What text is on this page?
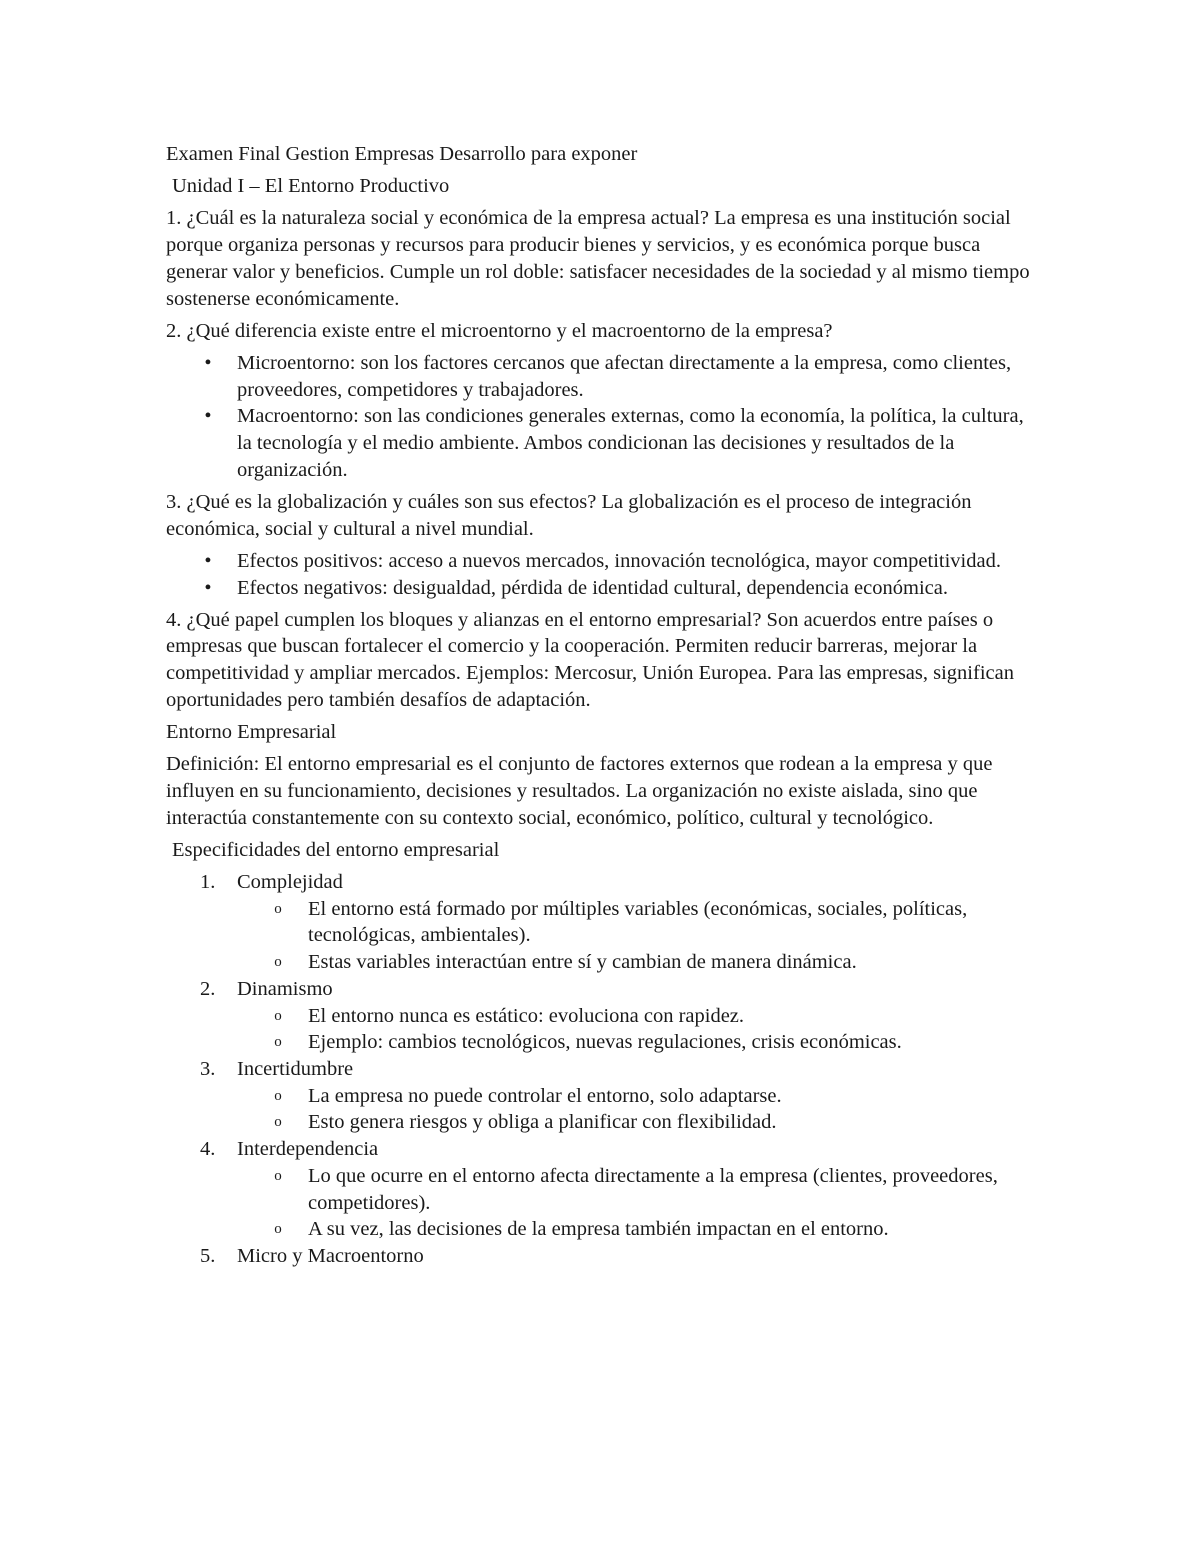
Examen Final Gestion Empresas Desarrollo para exponer

Unidad I – El Entorno Productivo

1. ¿Cuál es la naturaleza social y económica de la empresa actual? La empresa es una institución social porque organiza personas y recursos para producir bienes y servicios, y es económica porque busca generar valor y beneficios. Cumple un rol doble: satisfacer necesidades de la sociedad y al mismo tiempo sostenerse económicamente.

2. ¿Qué diferencia existe entre el microentorno y el macroentorno de la empresa?

•	Microentorno: son los factores cercanos que afectan directamente a la empresa, como clientes, proveedores, competidores y trabajadores.
•	Macroentorno: son las condiciones generales externas, como la economía, la política, la cultura, la tecnología y el medio ambiente. Ambos condicionan las decisiones y resultados de la organización.

3. ¿Qué es la globalización y cuáles son sus efectos? La globalización es el proceso de integración económica, social y cultural a nivel mundial.

•	Efectos positivos: acceso a nuevos mercados, innovación tecnológica, mayor competitividad.
•	Efectos negativos: desigualdad, pérdida de identidad cultural, dependencia económica.

4. ¿Qué papel cumplen los bloques y alianzas en el entorno empresarial? Son acuerdos entre países o empresas que buscan fortalecer el comercio y la cooperación. Permiten reducir barreras, mejorar la competitividad y ampliar mercados. Ejemplos: Mercosur, Unión Europea. Para las empresas, significan oportunidades pero también desafíos de adaptación.

Entorno Empresarial

Definición: El entorno empresarial es el conjunto de factores externos que rodean a la empresa y que influyen en su funcionamiento, decisiones y resultados. La organización no existe aislada, sino que interactúa constantemente con su contexto social, económico, político, cultural y tecnológico.

Especificidades del entorno empresarial

1.	Complejidad
o El entorno está formado por múltiples variables (económicas, sociales, políticas, tecnológicas, ambientales).
o Estas variables interactúan entre sí y cambian de manera dinámica.
2.	Dinamismo
o El entorno nunca es estático: evoluciona con rapidez.
o Ejemplo: cambios tecnológicos, nuevas regulaciones, crisis económicas.
3.	Incertidumbre
o La empresa no puede controlar el entorno, solo adaptarse.
o Esto genera riesgos y obliga a planificar con flexibilidad.
4.	Interdependencia
o Lo que ocurre en el entorno afecta directamente a la empresa (clientes, proveedores, competidores).
o A su vez, las decisiones de la empresa también impactan en el entorno.
5.	Micro y Macroentorno
